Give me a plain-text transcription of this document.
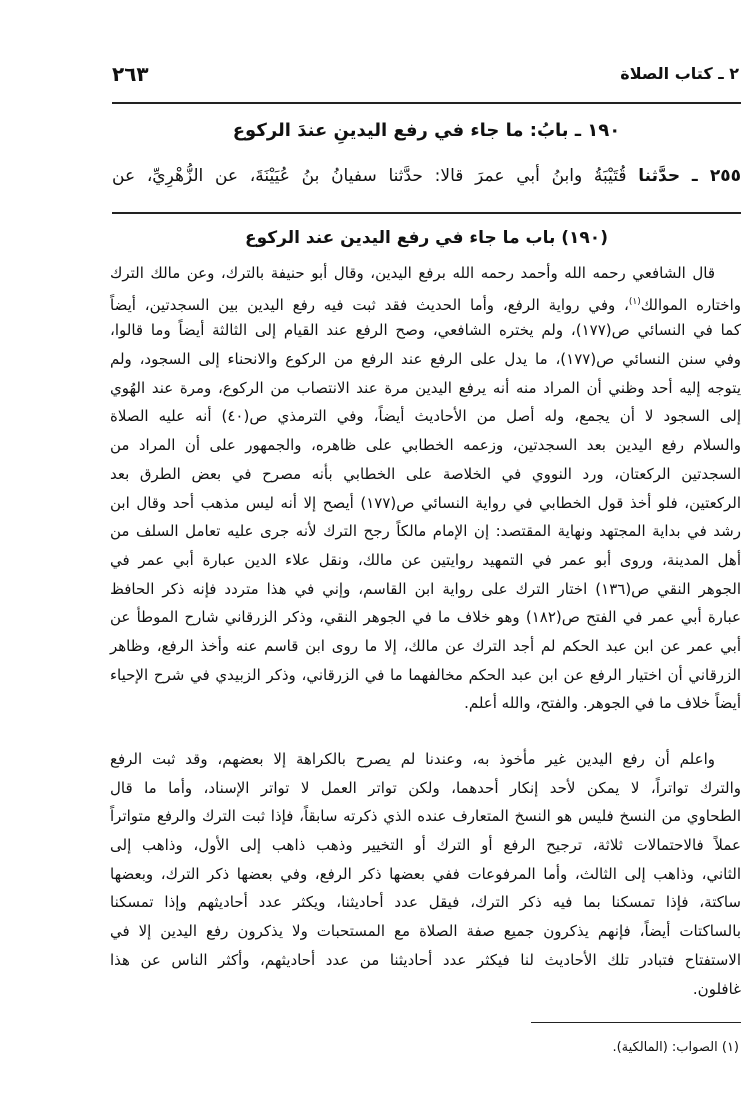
٢٦٣	٢ ـ كتاب الصلاة
١٩٠ ـ بابُ: ما جاء في رفع اليدينِ عندَ الركوع
٢٥٥ ـ حدَّثنا قُتَيْبَةُ وابنُ أبي عمرَ قالا: حدَّثنا سفيانُ بنُ عُيَيْنَةَ، عن الزُّهْرِيِّ، عن
(١٩٠) باب ما جاء في رفع اليدين عند الركوع
قال الشافعي رحمه الله وأحمد رحمه الله برفع اليدين، وقال أبو حنيفة بالترك، وعن مالك الترك
واختاره الموالك$^{(١)}$، وفي رواية الرفع، وأما الحديث فقد ثبت فيه رفع اليدين بين السجدتين، أيضاً
كما في النسائي ص(١٧٧)، ولم يختره الشافعي، وصح الرفع عند القيام إلى الثالثة أيضاً وما قالوا،
وفي سنن النسائي ص(١٧٧)، ما يدل على الرفع عند الرفع من الركوع والانحناء إلى السجود، ولم
يتوجه إليه أحد وظني أن المراد منه أنه يرفع اليدين مرة عند الانتصاب من الركوع، ومرة عند الهُوي
إلى السجود لا أن يجمع، وله أصل من الأحاديث أيضاً، وفي الترمذي ص(٤٠) أنه عليه الصلاة
والسلام رفع اليدين بعد السجدتين، وزعمه الخطابي على ظاهره، والجمهور على أن المراد من
السجدتين الركعتان، ورد النووي في الخلاصة على الخطابي بأنه مصرح في بعض الطرق بعد
الركعتين، فلو أخذ قول الخطابي في رواية النسائي ص(١٧٧) أيصح إلا أنه ليس مذهب أحد وقال ابن
رشد في بداية المجتهد ونهاية المقتصد: إن الإمام مالكاً رجح الترك لأنه جرى عليه تعامل السلف من
أهل المدينة، وروى أبو عمر في التمهيد روايتين عن مالك، ونقل علاء الدين عبارة أبي عمر في
الجوهر النقي ص(١٣٦) اختار الترك على رواية ابن القاسم، وإني في هذا متردد فإنه ذكر الحافظ
عبارة أبي عمر في الفتح ص(١٨٢) وهو خلاف ما في الجوهر النقي، وذكر الزرقاني شارح الموطأ عن
أبي عمر عن ابن عبد الحكم لم أجد الترك عن مالك، إلا ما روى ابن قاسم عنه وأخذ الرفع، وظاهر
الزرقاني أن اختيار الرفع عن ابن عبد الحكم مخالفهما ما في الزرقاني، وذكر الزبيدي في شرح الإحياء
أيضاً خلاف ما في الجوهر. والفتح، والله أعلم.
واعلم أن رفع اليدين غير مأخوذ به، وعندنا لم يصرح بالكراهة إلا بعضهم، وقد ثبت الرفع
والترك تواتراً، لا يمكن لأحد إنكار أحدهما، ولكن تواتر العمل لا تواتر الإسناد، وأما ما قال
الطحاوي من النسخ فليس هو النسخ المتعارف عنده الذي ذكرته سابقاً، فإذا ثبت الترك والرفع متواتراً
عملاً فالاحتمالات ثلاثة، ترجيح الرفع أو الترك أو التخيير وذهب ذاهب إلى الأول، وذاهب إلى
الثاني، وذاهب إلى الثالث، وأما المرفوعات ففي بعضها ذكر الرفع، وفي بعضها ذكر الترك، وبعضها
ساكتة، فإذا تمسكنا بما فيه ذكر الترك، فيقل عدد أحاديثنا، ويكثر عدد أحاديثهم وإذا تمسكنا
بالساكتات أيضاً، فإنهم يذكرون جميع صفة الصلاة مع المستحبات ولا يذكرون رفع اليدين إلا في
الاستفتاح فتبادر تلك الأحاديث لنا فيكثر عدد أحاديثنا من عدد أحاديثهم، وأكثر الناس عن هذا
غافلون.
(١) الصواب: (المالكية).
